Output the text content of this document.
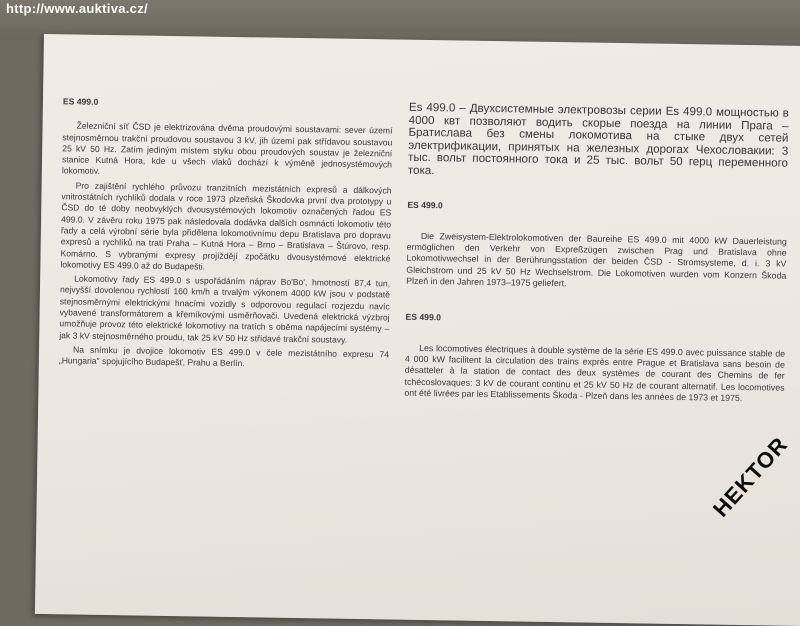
http://www.auktiva.cz/
ES 499.0

Železniční síť ČSD je elektrizována dvěma proudovými soustavami: sever území stejnosměrnou trakční proudovou soustavou 3 kV, jih území pak střídavou soustavou 25 kV 50 Hz. Zatím jediným místem styku obou proudových soustav je železniční stanice Kutná Hora, kde u všech vlaků dochází k výměně jednosystémových lokomotiv.

Pro zajištění rychlého průvozu tranzitních mezistátních expresů a dálkových vnitrostátních rychlíků dodala v roce 1973 plzeňská Škodovka první dva prototypy u ČSD do té doby neobvyklých dvousystémových lokomotiv označených řadou ES 499.0. V závěru roku 1975 pak následovala dodávka dalších osmnácti lokomotiv této řady a celá výrobní série byla přidělena lokomotivnímu depu Bratislava pro dopravu expresů a rychlíků na trati Praha – Kutná Hora – Brno – Bratislava – Štúrovo, resp. Komárno. S vybranými expresy projíždějí zpočátku dvousystémové elektrické lokomotivy ES 499.0 až do Budapešti.

Lokomotivy řady ES 499.0 s uspořádáním náprav Bo'Bo', hmotností 87,4 tun, nejvyšší dovolenou rychlostí 160 km/h a trvalým výkonem 4000 kW jsou v podstatě stejnosměrnými elektrickými hnacími vozidly s odporovou regulací rozjezdu navíc vybavené transformátorem a křemíkovými usměrňovači. Uvedená elektrická výzbroj umožňuje provoz této elektrické lokomotivy na tratích s oběma napájecími systémy – jak 3 kV stejnosměrného proudu, tak 25 kV 50 Hz střídavé trakční soustavy.

Na snímku je dvojice lokomotiv ES 499.0 v čele mezistátního expresu 74 „Hungaria" spojujícího Budapešť, Prahu a Berlín.

Es 499.0 – Двухсистемные электровозы серии Es 499.0 мощностью в 4000 квт позволяют водить скорые поезда на линии Прага – Братислава без смены локомотива на стыке двух сетей электрификации, принятых на железных дорогах Чехословакии: 3 тыс. вольт постоянного тока и 25 тыс. вольт 50 герц переменного тока.

ES 499.0

Die Zweisystem-Elektrolokomotiven der Baureihe ES 499.0 mit 4000 kW Dauerleistung ermöglichen den Verkehr von Expreßzügen zwischen Prag und Bratislava ohne Lokomotivwechsel in der Berührungsstation der beiden ČSD - Stromsysteme, d. i. 3 kV Gleichstrom und 25 kV 50 Hz Wechselstrom. Die Lokomotiven wurden vom Konzern Škoda Plzeň in den Jahren 1973–1975 geliefert.

ES 499.0

Les locomotives électriques à double système de la série ES 499.0 avec puissance stable de 4 000 kW facilitent la circulation des trains exprès entre Prague et Bratislava sans besoin de désatteler à la station de contact des deux systèmes de courant des Chemins de fer tchécoslovaques: 3 kV de courant continu et 25 kV 50 Hz de courant alternatif. Les locomotives ont été livrées par les Etablissements Škoda - Plzeň dans les années de 1973 et 1975.

HEKTOR
